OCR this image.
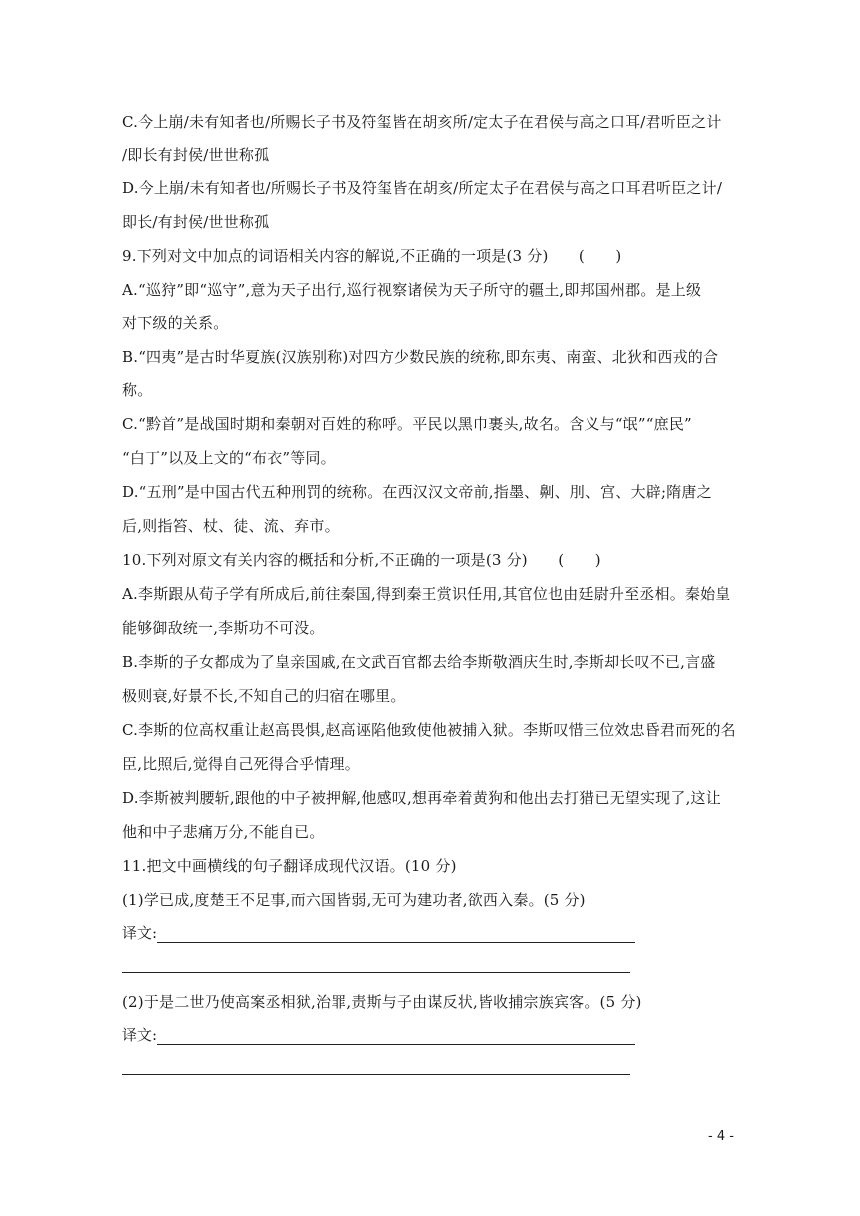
C.今上崩/未有知者也/所赐长子书及符玺皆在胡亥所/定太子在君侯与高之口耳/君听臣之计
/即长有封侯/世世称孤
D.今上崩/未有知者也/所赐长子书及符玺皆在胡亥/所定太子在君侯与高之口耳君听臣之计/
即长/有封侯/世世称孤
9.下列对文中加点的词语相关内容的解说,不正确的一项是(3 分)　　(　　)
A.“巡狩”即“巡守”,意为天子出行,巡行视察诸侯为天子所守的疆土,即邦国州郡。是上级
对下级的关系。
B.“四夷”是古时华夏族(汉族别称)对四方少数民族的统称,即东夷、南蛮、北狄和西戎的合
称。
C.“黔首”是战国时期和秦朝对百姓的称呼。平民以黑巾裹头,故名。含义与“氓”“庶民”
“白丁”以及上文的“布衣”等同。
D.“五刑”是中国古代五种刑罚的统称。在西汉汉文帝前,指墨、劓、刖、宫、大辟;隋唐之
后,则指笞、杖、徒、流、弃市。
10.下列对原文有关内容的概括和分析,不正确的一项是(3 分)　　(　　)
A.李斯跟从荀子学有所成后,前往秦国,得到秦王赏识任用,其官位也由廷尉升至丞相。秦始皇
能够御敌统一,李斯功不可没。
B.李斯的子女都成为了皇亲国戚,在文武百官都去给李斯敬酒庆生时,李斯却长叹不已,言盛
极则衰,好景不长,不知自己的归宿在哪里。
C.李斯的位高权重让赵高畏惧,赵高诬陷他致使他被捕入狱。李斯叹惜三位效忠昏君而死的名
臣,比照后,觉得自己死得合乎情理。
D.李斯被判腰斩,跟他的中子被押解,他感叹,想再牵着黄狗和他出去打猎已无望实现了,这让
他和中子悲痛万分,不能自已。
11.把文中画横线的句子翻译成现代汉语。(10 分)
(1)学已成,度楚王不足事,而六国皆弱,无可为建功者,欲西入秦。(5 分)
译文:
(2)于是二世乃使高案丞相狱,治罪,责斯与子由谋反状,皆收捕宗族宾客。(5 分)
译文:
- 4 -
